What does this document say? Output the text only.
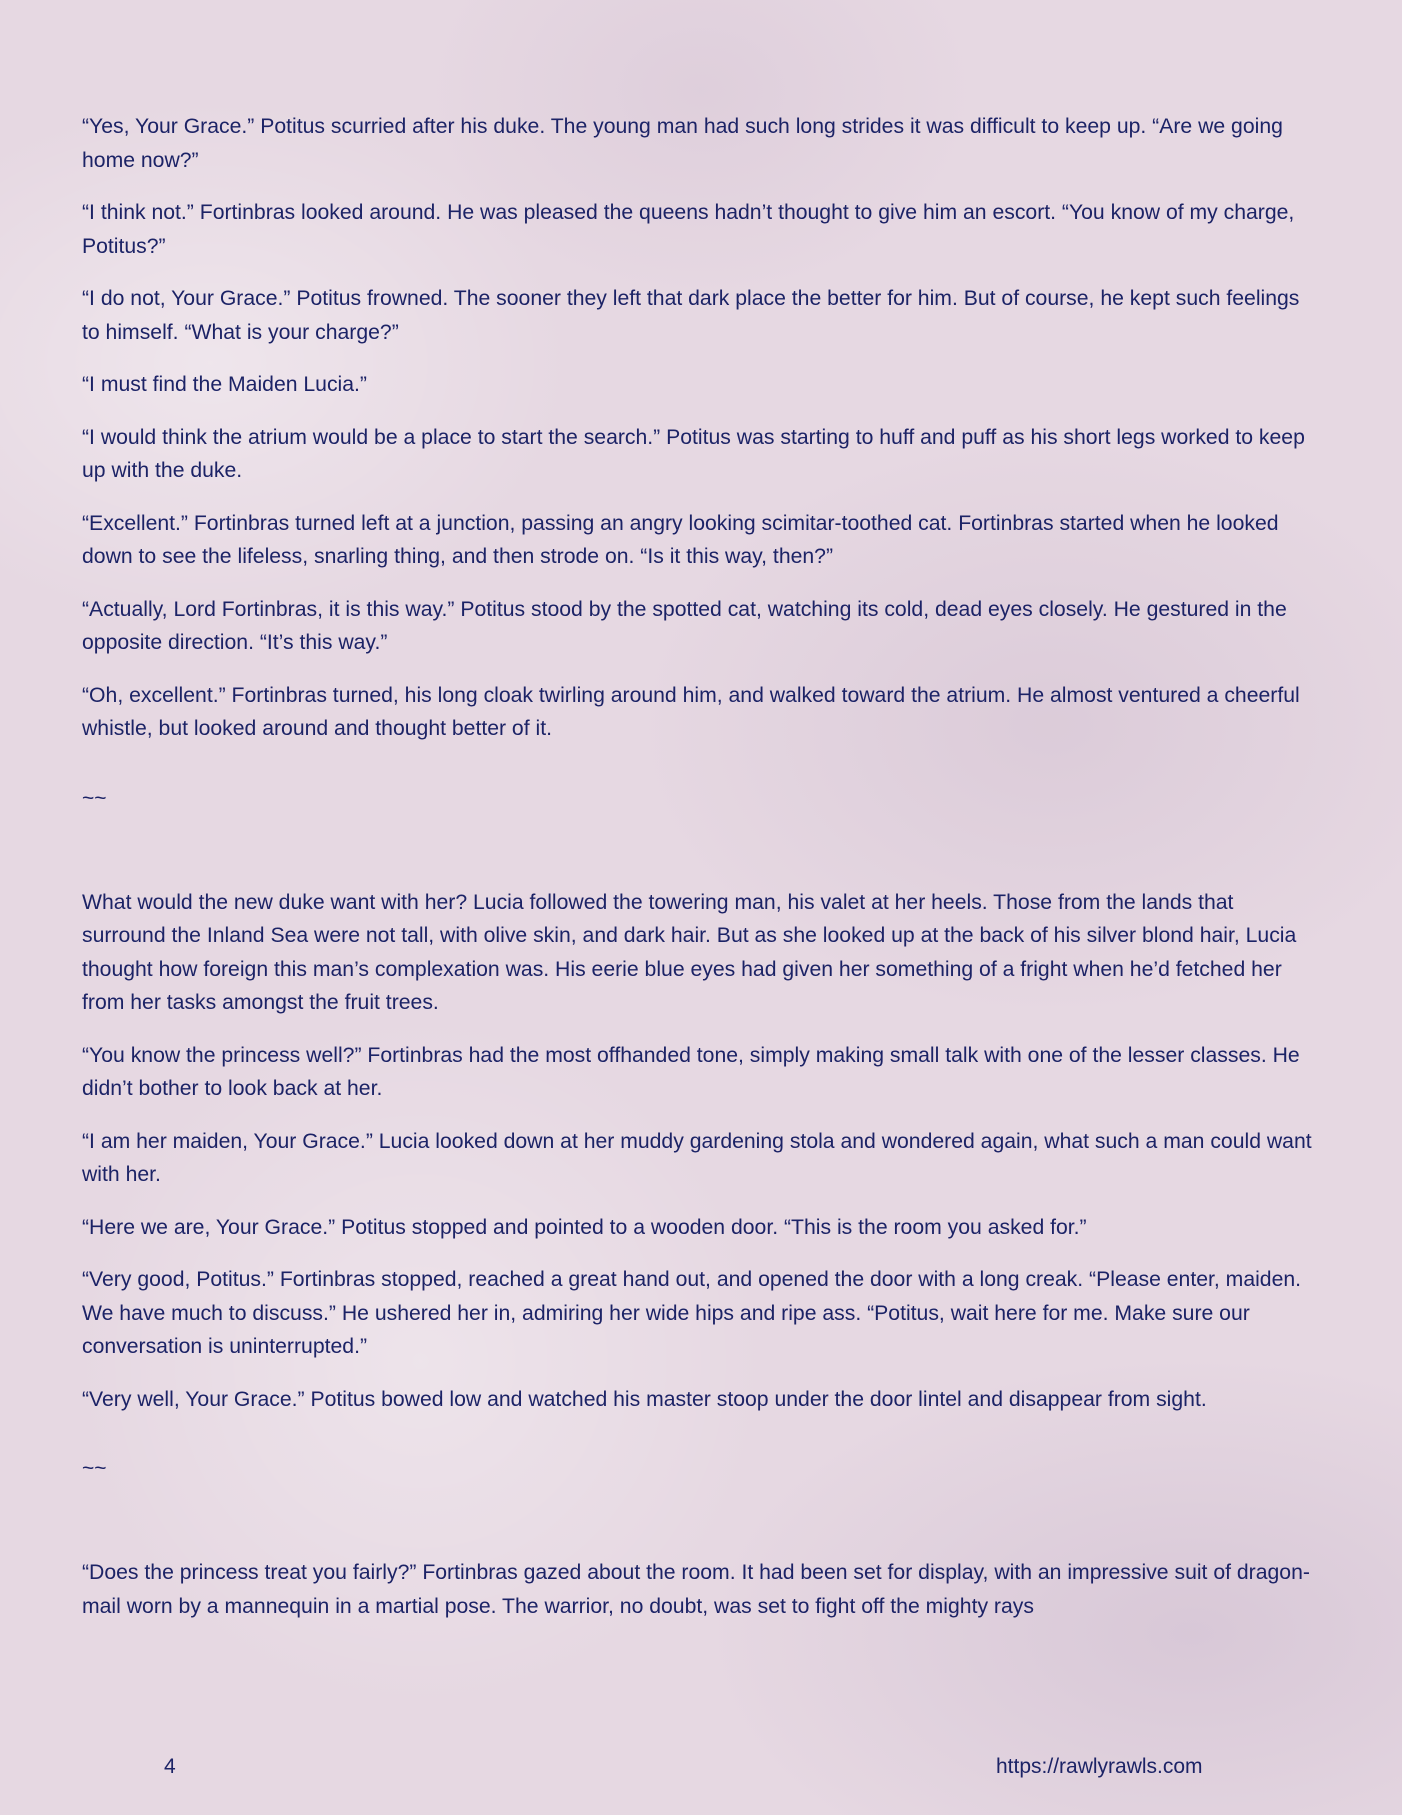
“Yes, Your Grace.” Potitus scurried after his duke. The young man had such long strides it was difficult to keep up. “Are we going home now?”

“I think not.” Fortinbras looked around. He was pleased the queens hadn’t thought to give him an escort. “You know of my charge, Potitus?”

“I do not, Your Grace.” Potitus frowned. The sooner they left that dark place the better for him. But of course, he kept such feelings to himself. “What is your charge?”

“I must find the Maiden Lucia.”

“I would think the atrium would be a place to start the search.” Potitus was starting to huff and puff as his short legs worked to keep up with the duke.

“Excellent.” Fortinbras turned left at a junction, passing an angry looking scimitar-toothed cat. Fortinbras started when he looked down to see the lifeless, snarling thing, and then strode on. “Is it this way, then?”

“Actually, Lord Fortinbras, it is this way.” Potitus stood by the spotted cat, watching its cold, dead eyes closely. He gestured in the opposite direction. “It’s this way.”

“Oh, excellent.” Fortinbras turned, his long cloak twirling around him, and walked toward the atrium. He almost ventured a cheerful whistle, but looked around and thought better of it.

~~

What would the new duke want with her? Lucia followed the towering man, his valet at her heels. Those from the lands that surround the Inland Sea were not tall, with olive skin, and dark hair. But as she looked up at the back of his silver blond hair, Lucia thought how foreign this man’s complexation was. His eerie blue eyes had given her something of a fright when he’d fetched her from her tasks amongst the fruit trees.

“You know the princess well?” Fortinbras had the most offhanded tone, simply making small talk with one of the lesser classes. He didn’t bother to look back at her.

“I am her maiden, Your Grace.” Lucia looked down at her muddy gardening stola and wondered again, what such a man could want with her.

“Here we are, Your Grace.” Potitus stopped and pointed to a wooden door. “This is the room you asked for.”

“Very good, Potitus.” Fortinbras stopped, reached a great hand out, and opened the door with a long creak. “Please enter, maiden. We have much to discuss.” He ushered her in, admiring her wide hips and ripe ass. “Potitus, wait here for me. Make sure our conversation is uninterrupted.”

“Very well, Your Grace.” Potitus bowed low and watched his master stoop under the door lintel and disappear from sight.

~~

“Does the princess treat you fairly?” Fortinbras gazed about the room. It had been set for display, with an impressive suit of dragon-mail worn by a mannequin in a martial pose. The warrior, no doubt, was set to fight off the mighty rays

4	https://rawlyrawls.com
